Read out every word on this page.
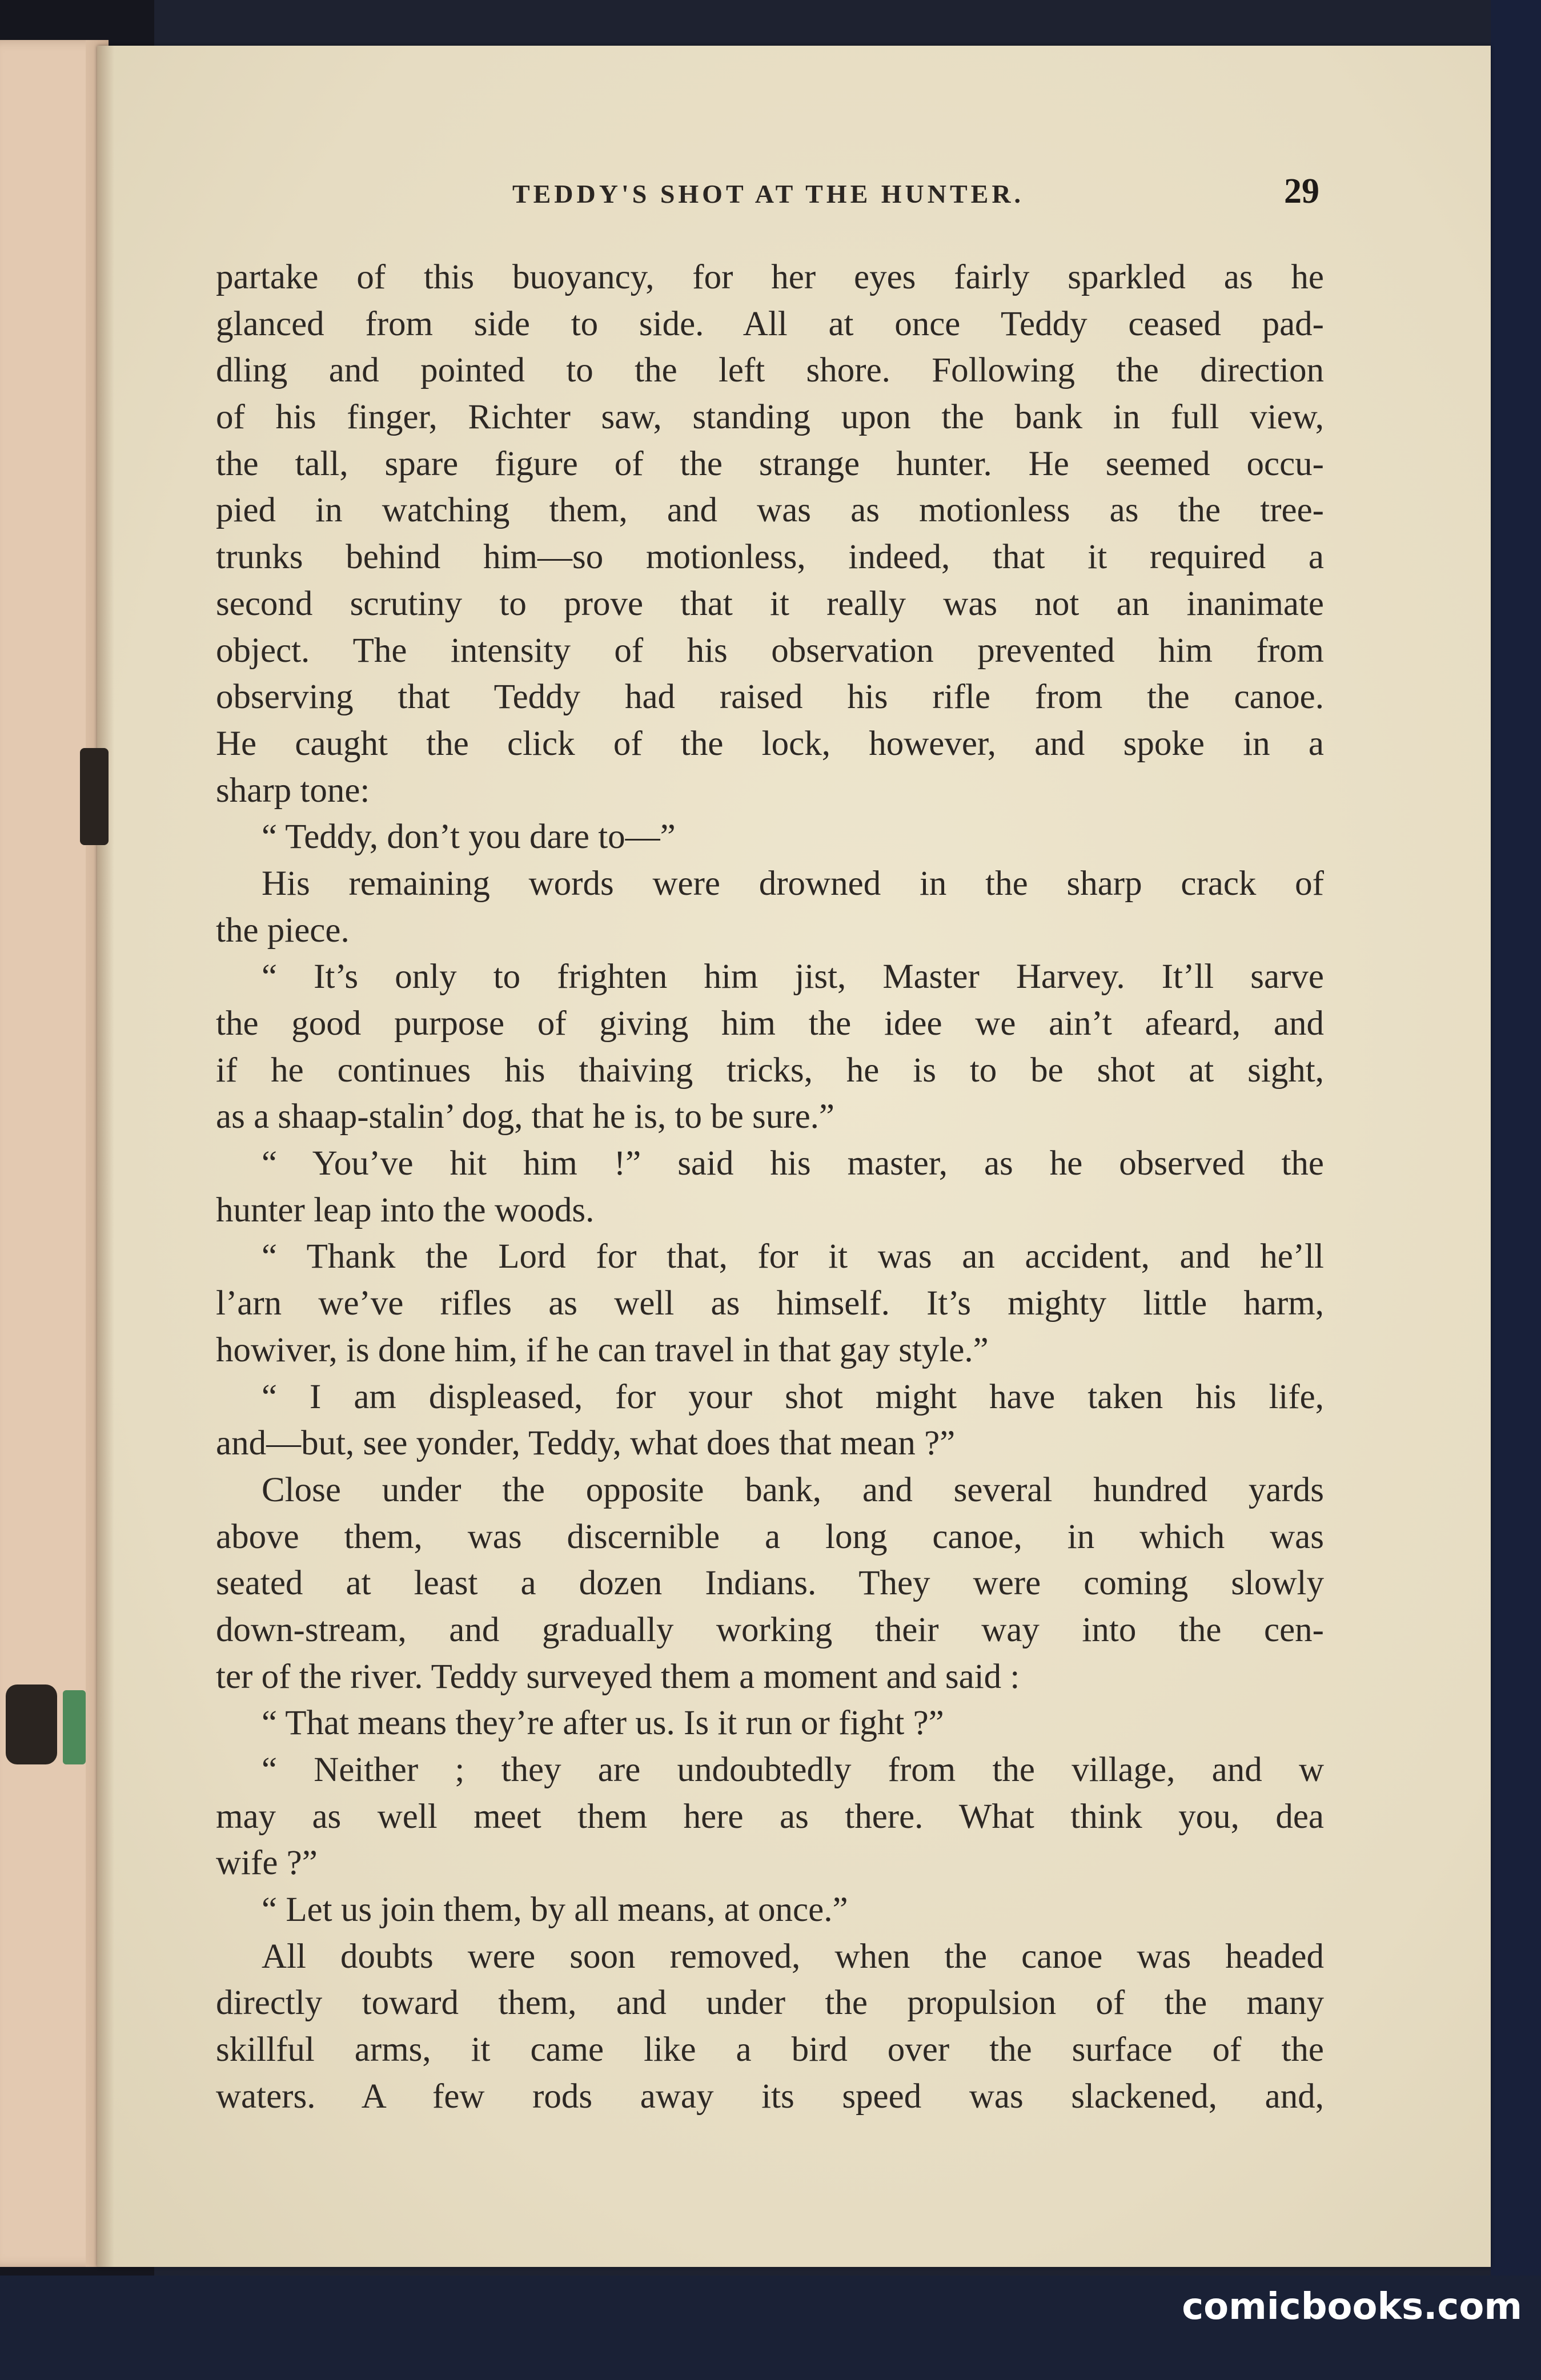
TEDDY'S SHOT AT THE HUNTER.	29
partake of this buoyancy, for her eyes fairly sparkled as he
glanced from side to side. All at once Teddy ceased pad-
dling and pointed to the left shore. Following the direction
of his finger, Richter saw, standing upon the bank in full view,
the tall, spare figure of the strange hunter. He seemed occu-
pied in watching them, and was as motionless as the tree-
trunks behind him—so motionless, indeed, that it required a
second scrutiny to prove that it really was not an inanimate
object. The intensity of his observation prevented him from
observing that Teddy had raised his rifle from the canoe.
He caught the click of the lock, however, and spoke in a
sharp tone:
“ Teddy, don’t you dare to—”
His remaining words were drowned in the sharp crack of
the piece.
“ It’s only to frighten him jist, Master Harvey. It’ll sarve
the good purpose of giving him the idee we ain’t afeard, and
if he continues his thaiving tricks, he is to be shot at sight,
as a shaap-stalin’ dog, that he is, to be sure.”
“ You’ve hit him !” said his master, as he observed the
hunter leap into the woods.
“ Thank the Lord for that, for it was an accident, and he’ll
l’arn we’ve rifles as well as himself. It’s mighty little harm,
howiver, is done him, if he can travel in that gay style.”
“ I am displeased, for your shot might have taken his life,
and—but, see yonder, Teddy, what does that mean ?”
Close under the opposite bank, and several hundred yards
above them, was discernible a long canoe, in which was
seated at least a dozen Indians. They were coming slowly
down-stream, and gradually working their way into the cen-
ter of the river. Teddy surveyed them a moment and said :
“ That means they’re after us. Is it run or fight ?”
“ Neither ; they are undoubtedly from the village, and w
may as well meet them here as there. What think you, dea
wife ?”
“ Let us join them, by all means, at once.”
All doubts were soon removed, when the canoe was headed
directly toward them, and under the propulsion of the many
skillful arms, it came like a bird over the surface of the
waters. A few rods away its speed was slackened, and,
comicbooks.com
